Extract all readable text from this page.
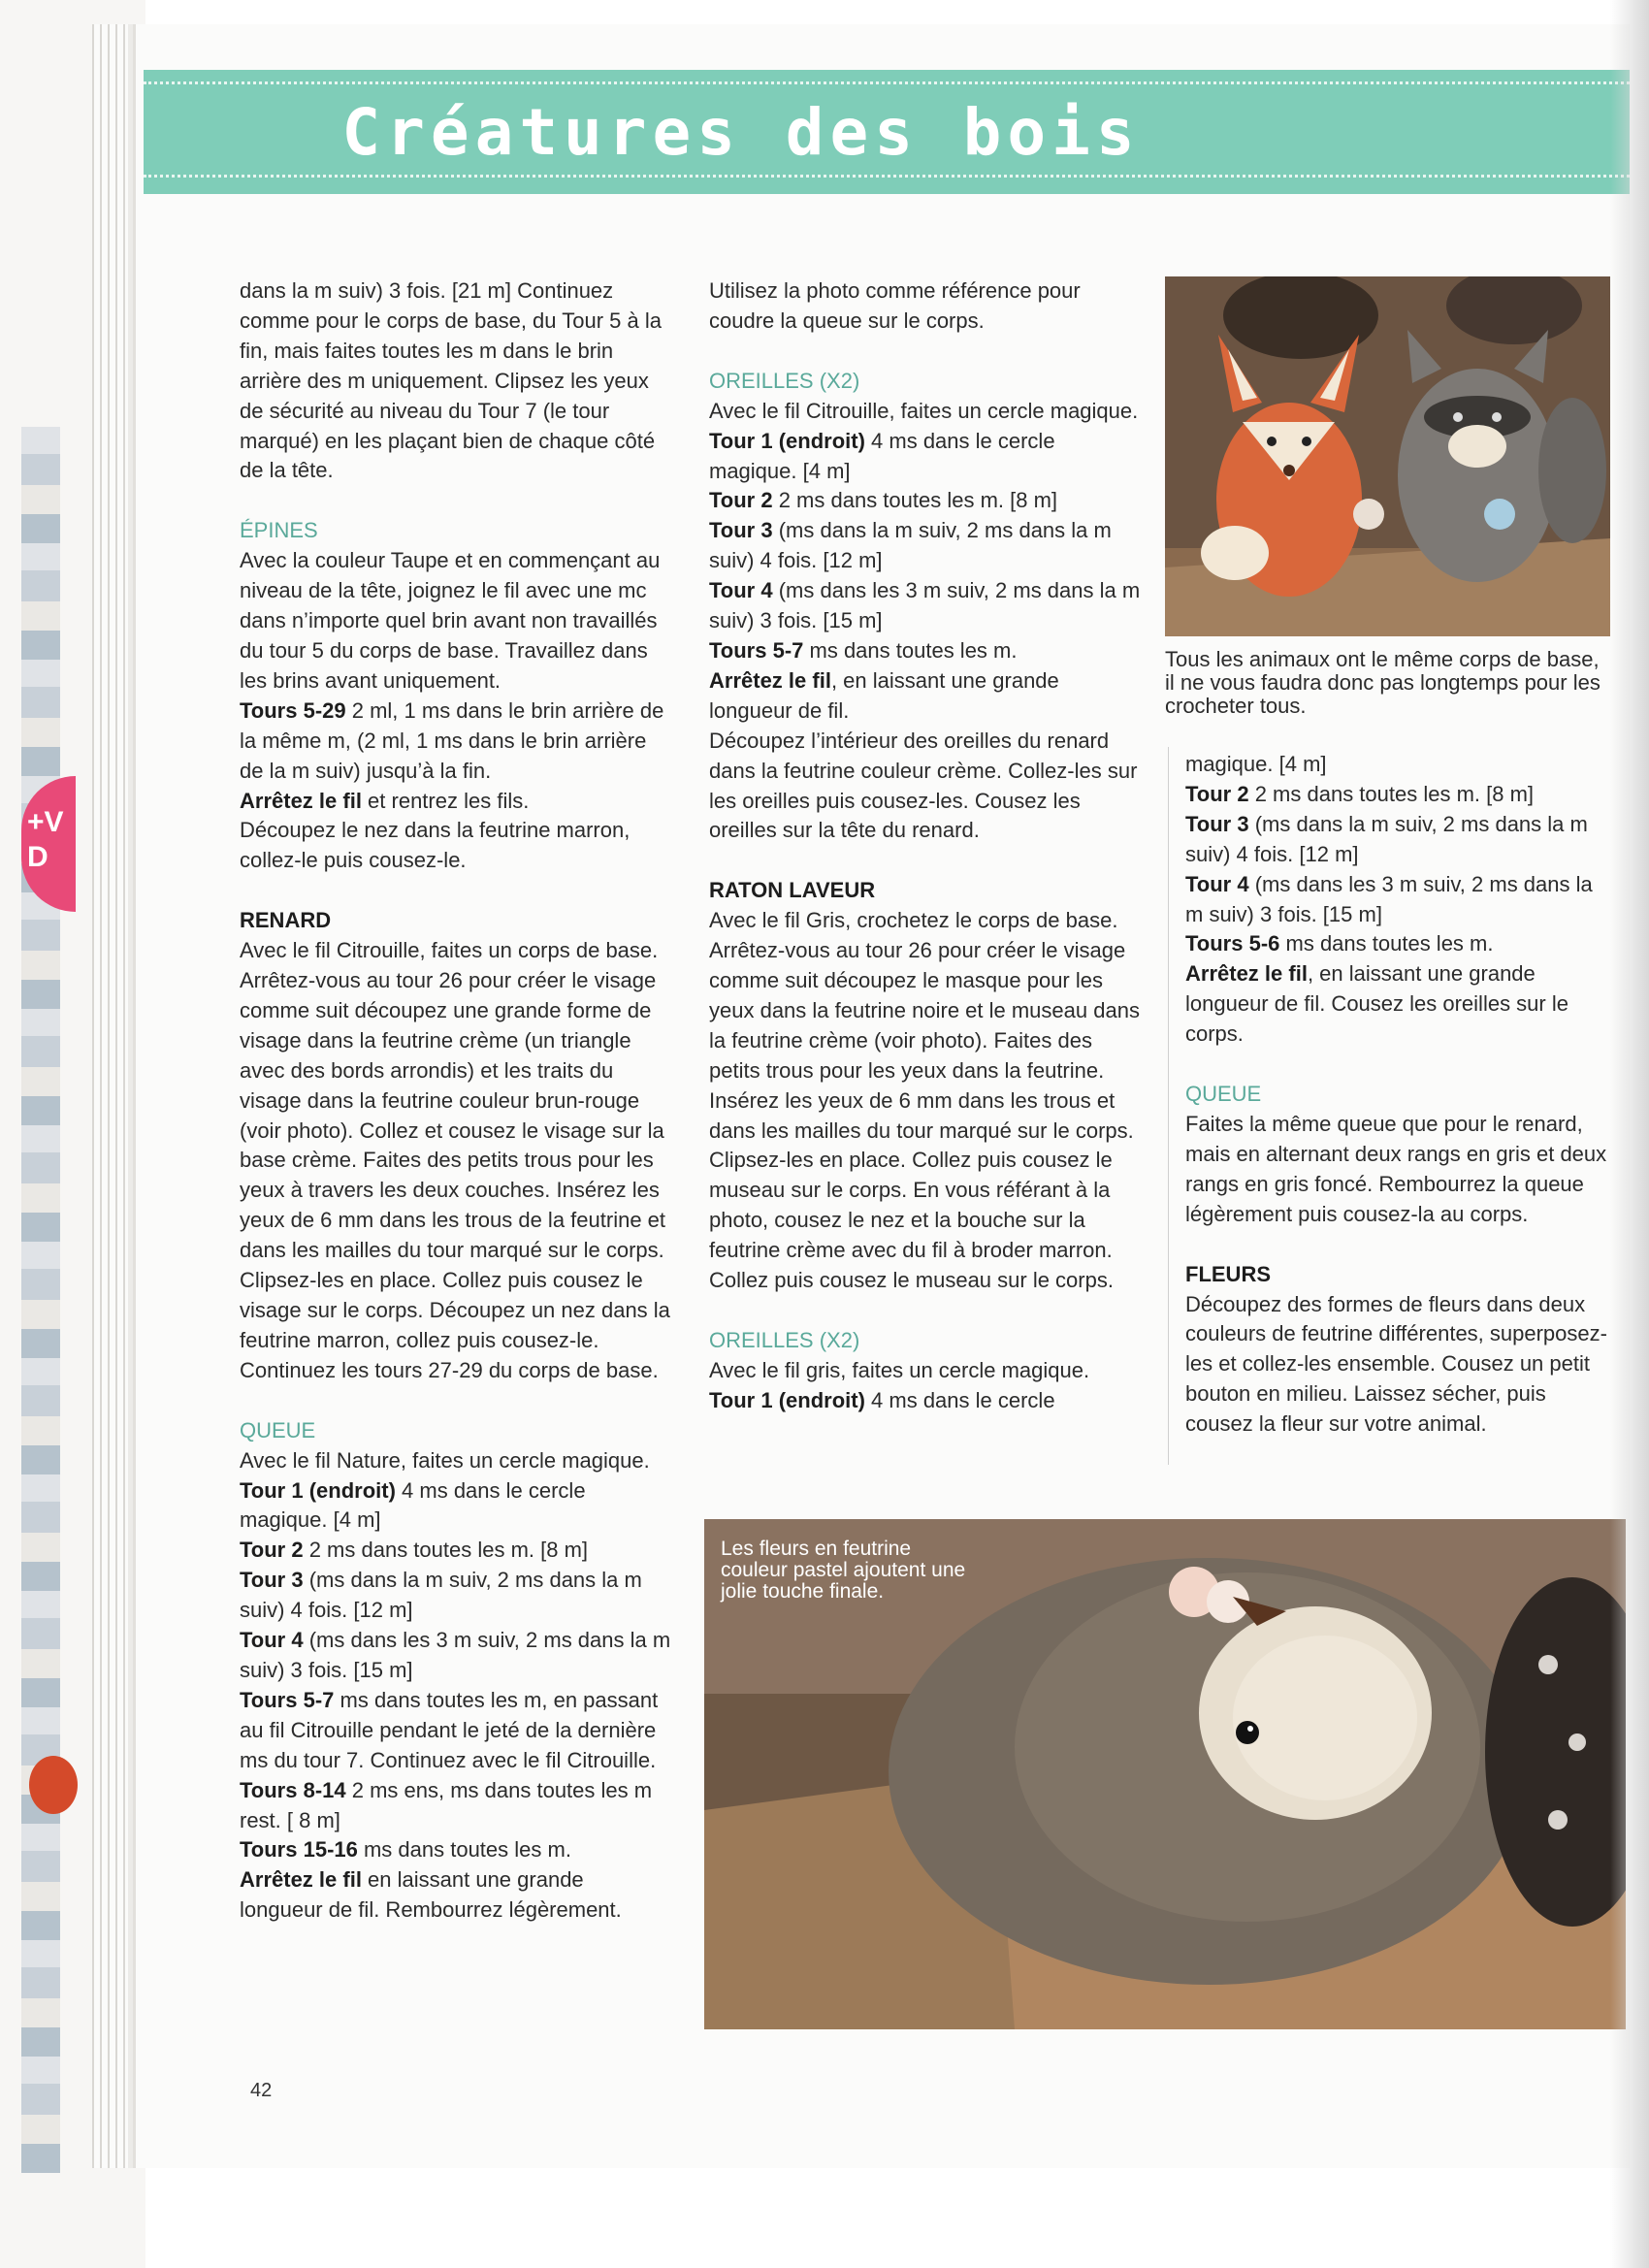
+V D
Créatures des bois

dans la m suiv) 3 fois. [21 m] Continuez comme pour le corps de base, du Tour 5 à la fin, mais faites toutes les m dans le brin arrière des m uniquement. Clipsez les yeux de sécurité au niveau du Tour 7 (le tour marqué) en les plaçant bien de chaque côté de la tête.

ÉPINES

Avec la couleur Taupe et en commençant au niveau de la tête, joignez le fil avec une mc dans n’importe quel brin avant non travaillés du tour 5 du corps de base. Travaillez dans les brins avant uniquement.

Tours 5-29 2 ml, 1 ms dans le brin arrière de la même m, (2 ml, 1 ms dans le brin arrière de la m suiv) jusqu’à la fin.

Arrêtez le fil et rentrez les fils.

Découpez le nez dans la feutrine marron, collez-le puis cousez-le.

RENARD

Avec le fil Citrouille, faites un corps de base.

Arrêtez-vous au tour 26 pour créer le visage comme suit découpez une grande forme de visage dans la feutrine crème (un triangle avec des bords arrondis) et les traits du visage dans la feutrine couleur brun-rouge (voir photo). Collez et cousez le visage sur la base crème. Faites des petits trous pour les yeux à travers les deux couches. Insérez les yeux de 6 mm dans les trous de la feutrine et dans les mailles du tour marqué sur le corps. Clipsez-les en place. Collez puis cousez le visage sur le corps. Découpez un nez dans la feutrine marron, collez puis cousez-le. Continuez les tours 27-29 du corps de base.

QUEUE

Avec le fil Nature, faites un cercle magique.

Tour 1 (endroit) 4 ms dans le cercle magique. [4 m]

Tour 2 2 ms dans toutes les m. [8 m]

Tour 3 (ms dans la m suiv, 2 ms dans la m suiv) 4 fois. [12 m]

Tour 4 (ms dans les 3 m suiv, 2 ms dans la m suiv) 3 fois. [15 m]

Tours 5-7 ms dans toutes les m, en passant au fil Citrouille pendant le jeté de la dernière ms du tour 7. Continuez avec le fil Citrouille.

Tours 8-14 2 ms ens, ms dans toutes les m rest. [ 8 m]

Tours 15-16 ms dans toutes les m.

Arrêtez le fil en laissant une grande longueur de fil. Rembourrez légèrement.

Utilisez la photo comme référence pour coudre la queue sur le corps.

OREILLES (X2)

Avec le fil Citrouille, faites un cercle magique.

Tour 1 (endroit) 4 ms dans le cercle magique. [4 m]

Tour 2 2 ms dans toutes les m. [8 m]

Tour 3 (ms dans la m suiv, 2 ms dans la m suiv) 4 fois. [12 m]

Tour 4 (ms dans les 3 m suiv, 2 ms dans la m suiv) 3 fois. [15 m]

Tours 5-7 ms dans toutes les m.

Arrêtez le fil, en laissant une grande longueur de fil.

Découpez l’intérieur des oreilles du renard dans la feutrine couleur crème. Collez-les sur les oreilles puis cousez-les. Cousez les oreilles sur la tête du renard.

RATON LAVEUR

Avec le fil Gris, crochetez le corps de base. Arrêtez-vous au tour 26 pour créer le visage comme suit découpez le masque pour les yeux dans la feutrine noire et le museau dans la feutrine crème (voir photo). Faites des petits trous pour les yeux dans la feutrine. Insérez les yeux de 6 mm dans les trous et dans les mailles du tour marqué sur le corps. Clipsez-les en place. Collez puis cousez le museau sur le corps. En vous référant à la photo, cousez le nez et la bouche sur la feutrine crème avec du fil à broder marron. Collez puis cousez le museau sur le corps.

OREILLES (X2)

Avec le fil gris, faites un cercle magique.

Tour 1 (endroit) 4 ms dans le cercle

magique. [4 m]

Tour 2 2 ms dans toutes les m. [8 m]

Tour 3 (ms dans la m suiv, 2 ms dans la m suiv) 4 fois. [12 m]

Tour 4 (ms dans les 3 m suiv, 2 ms dans la m suiv) 3 fois. [15 m]

Tours 5-6 ms dans toutes les m.

Arrêtez le fil, en laissant une grande longueur de fil. Cousez les oreilles sur le corps.

QUEUE

Faites la même queue que pour le renard, mais en alternant deux rangs en gris et deux rangs en gris foncé. Rembourrez la queue légèrement puis cousez-la au corps.

FLEURS

Découpez des formes de fleurs dans deux couleurs de feutrine différentes, superposez-les et collez-les ensemble. Cousez un petit bouton en milieu. Laissez sécher, puis cousez la fleur sur votre animal.

Tous les animaux ont le même corps de base, il ne vous faudra donc pas longtemps pour les crocheter tous.
Les fleurs en feutrine couleur pastel ajoutent une jolie touche finale.
42
